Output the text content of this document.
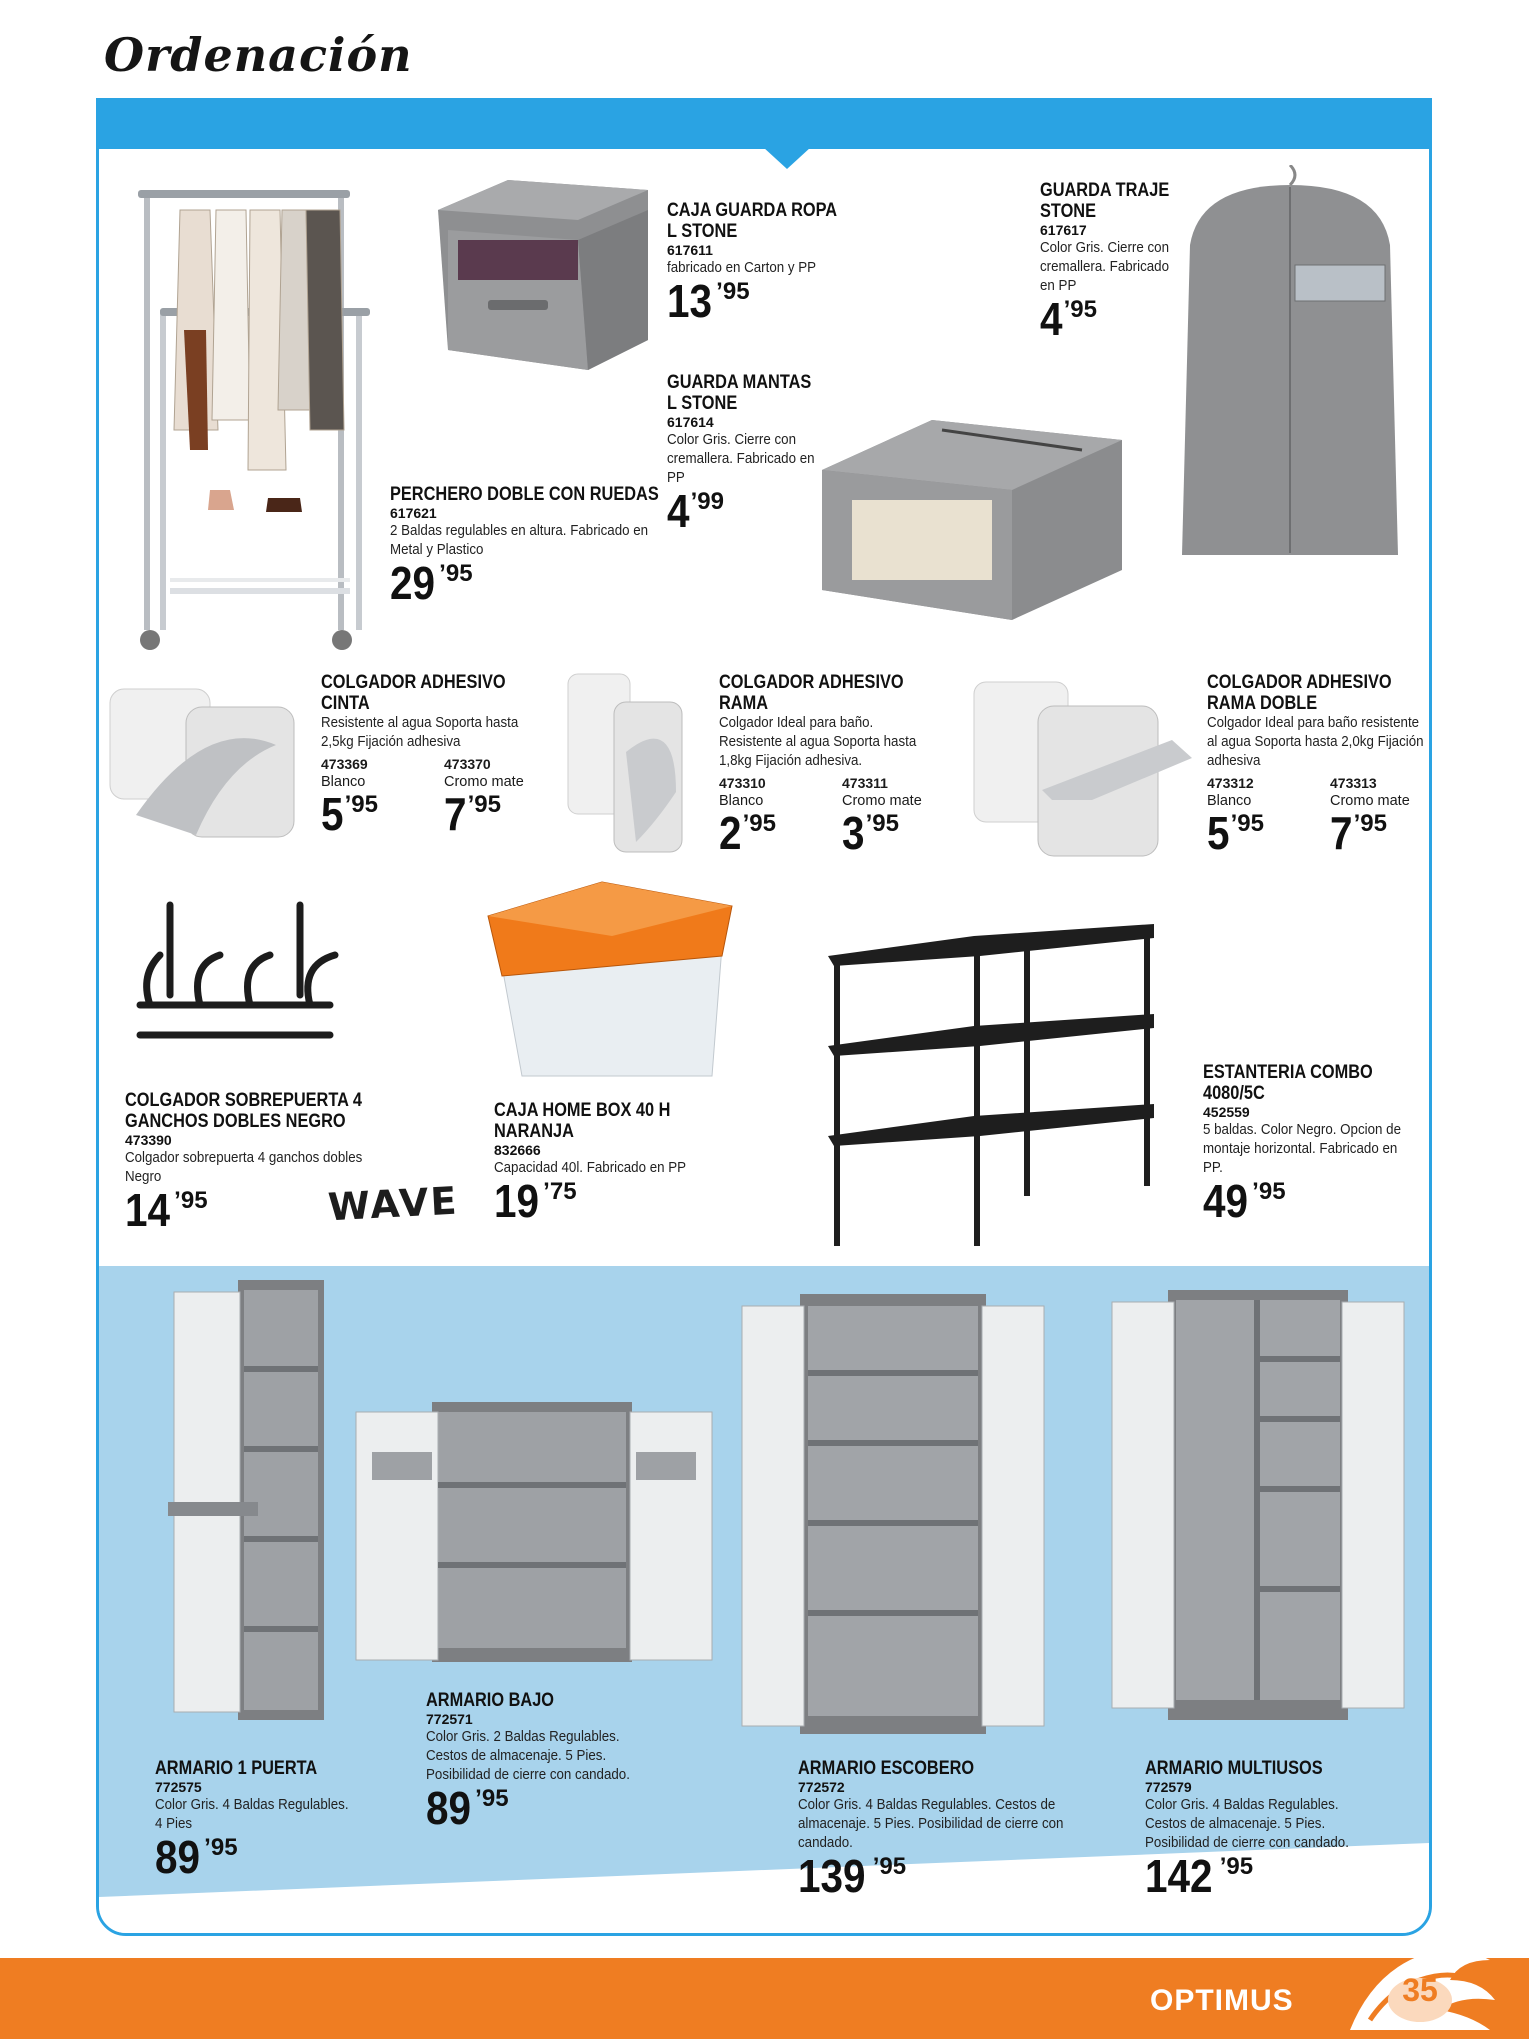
Ordenación
WAVE
PERCHERO DOBLE CON RUEDAS
617621
2 Baldas regulables en altura. Fabricado en Metal y Plastico
29 ’95
CAJA GUARDA ROPA L STONE
617611
fabricado en Carton y PP
13 ’95
GUARDA MANTAS L STONE
617614
Color Gris. Cierre con cremallera. Fabricado en PP
4 ’99
GUARDA TRAJE STONE
617617
Color Gris. Cierre con cremallera. Fabricado en PP
4 ’95
COLGADOR ADHESIVO CINTA
Resistente al agua Soporta hasta 2,5kg Fijación adhesiva
473369
Blanco
5 ’95
473370
Cromo mate
7 ’95
COLGADOR ADHESIVO RAMA
Colgador Ideal para baño. Resistente al agua Soporta hasta 1,8kg Fijación adhesiva.
473310
Blanco
2 ’95
473311
Cromo mate
3 ’95
COLGADOR ADHESIVO RAMA DOBLE
Colgador Ideal para baño resistente al agua Soporta hasta 2,0kg Fijación adhesiva
473312
Blanco
5 ’95
473313
Cromo mate
7 ’95
COLGADOR SOBREPUERTA 4 GANCHOS DOBLES NEGRO
473390
Colgador sobrepuerta 4 ganchos dobles Negro
14 ’95
CAJA HOME BOX 40 H NARANJA
832666
Capacidad 40l. Fabricado en PP
19 ’75
ESTANTERIA COMBO 4080/5C
452559
5 baldas. Color Negro. Opcion de montaje horizontal. Fabricado en PP.
49 ’95
ARMARIO 1 PUERTA
772575
Color Gris. 4 Baldas Regulables. 4 Pies
89 ’95
ARMARIO BAJO
772571
Color Gris. 2 Baldas Regulables. Cestos de almacenaje. 5 Pies. Posibilidad de cierre con candado.
89 ’95
ARMARIO ESCOBERO
772572
Color Gris. 4 Baldas Regulables. Cestos de almacenaje. 5 Pies. Posibilidad de cierre con candado.
139 ’95
ARMARIO MULTIUSOS
772579
Color Gris. 4 Baldas Regulables. Cestos de almacenaje. 5 Pies. Posibilidad de cierre con candado.
142 ’95
OPTIMUS	35
